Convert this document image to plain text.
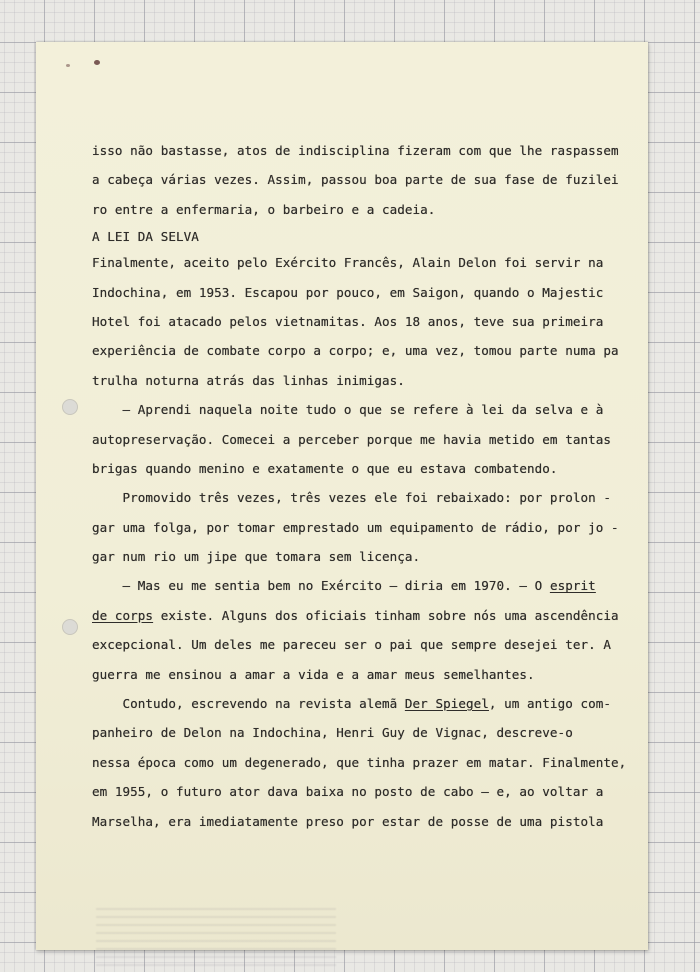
isso não bastasse, atos de indisciplina fizeram com que lhe raspassem
a cabeça várias vezes. Assim, passou boa parte de sua fase de fuzilei
ro entre a enfermaria, o barbeiro e a cadeia.
A LEI DA SELVA
Finalmente, aceito pelo Exército Francês, Alain Delon foi servir na
Indochina, em 1953. Escapou por pouco, em Saigon, quando o Majestic
Hotel foi atacado pelos vietnamitas. Aos 18 anos, teve sua primeira
experiência de combate corpo a corpo; e, uma vez, tomou parte numa pa
trulha noturna atrás das linhas inimigas.
— Aprendi naquela noite tudo o que se refere à lei da selva e à
autopreservação. Comecei a perceber porque me havia metido em tantas
brigas quando menino e exatamente o que eu estava combatendo.
Promovido três vezes, três vezes ele foi rebaixado: por prolon -
gar uma folga, por tomar emprestado um equipamento de rádio, por jo -
gar num rio um jipe que tomara sem licença.
— Mas eu me sentia bem no Exército — diria em 1970. — O esprit
de corps existe. Alguns dos oficiais tinham sobre nós uma ascendência
excepcional. Um deles me pareceu ser o pai que sempre desejei ter. A
guerra me ensinou a amar a vida e a amar meus semelhantes.
Contudo, escrevendo na revista alemã Der Spiegel, um antigo com-
panheiro de Delon na Indochina, Henri Guy de Vignac, descreve-o
nessa época como um degenerado, que tinha prazer em matar. Finalmente,
em 1955, o futuro ator dava baixa no posto de cabo — e, ao voltar a
Marselha, era imediatamente preso por estar de posse de uma pistola
